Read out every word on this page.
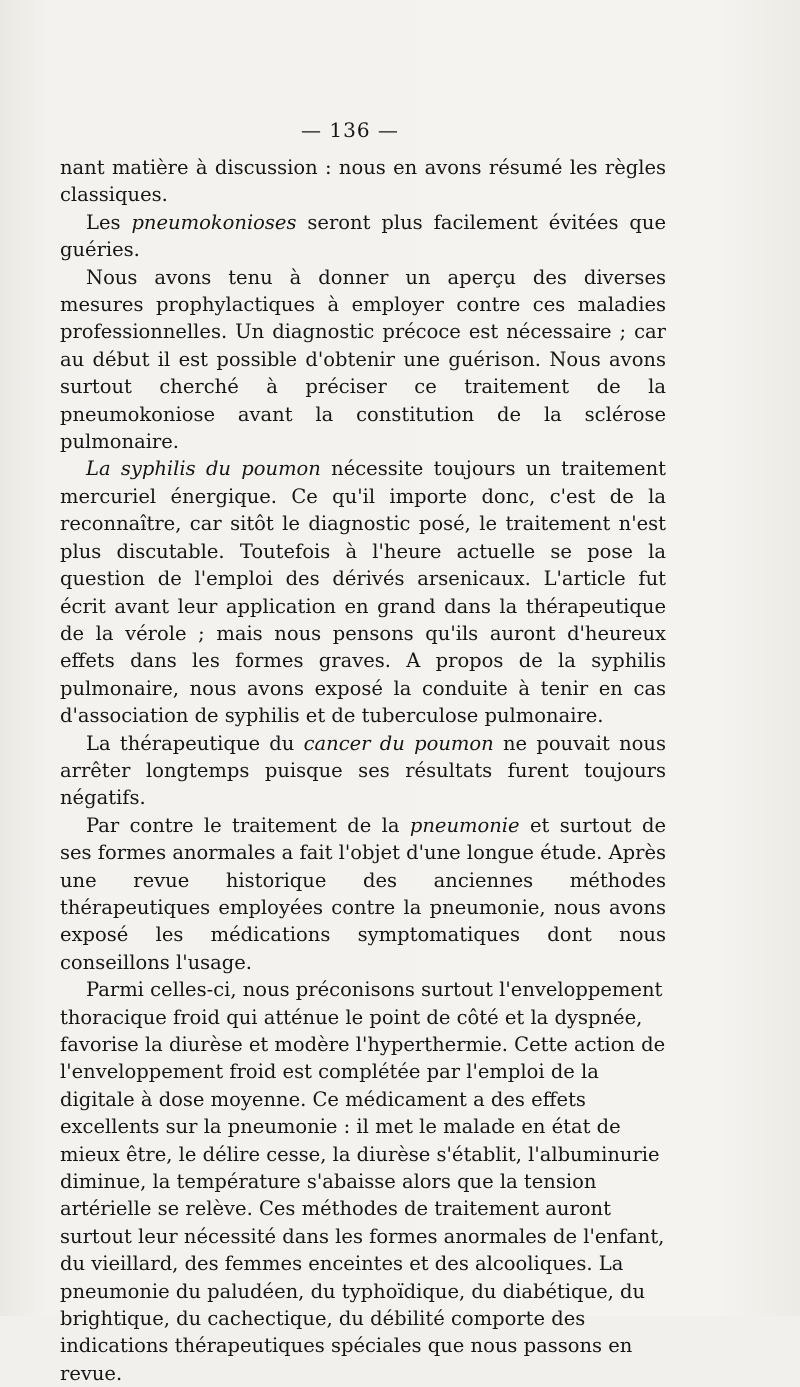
— 136 —

nant matière à discussion : nous en avons résumé les règles classiques.

Les pneumokonioses seront plus facilement évitées que guéries.

Nous avons tenu à donner un aperçu des diverses mesures prophylactiques à employer contre ces maladies professionnelles. Un diagnostic précoce est nécessaire ; car au début il est possible d'obtenir une guérison. Nous avons surtout cherché à préciser ce traitement de la pneumokoniose avant la constitution de la sclérose pulmonaire.

La syphilis du poumon nécessite toujours un traitement mercuriel énergique. Ce qu'il importe donc, c'est de la reconnaître, car sitôt le diagnostic posé, le traitement n'est plus discutable. Toutefois à l'heure actuelle se pose la question de l'emploi des dérivés arsenicaux. L'article fut écrit avant leur application en grand dans la thérapeutique de la vérole ; mais nous pensons qu'ils auront d'heureux effets dans les formes graves. A propos de la syphilis pulmonaire, nous avons exposé la conduite à tenir en cas d'association de syphilis et de tuberculose pulmonaire.

La thérapeutique du cancer du poumon ne pouvait nous arrêter longtemps puisque ses résultats furent toujours négatifs.

Par contre le traitement de la pneumonie et surtout de ses formes anormales a fait l'objet d'une longue étude. Après une revue historique des anciennes méthodes thérapeutiques employées contre la pneumonie, nous avons exposé les médications symptomatiques dont nous conseillons l'usage.

Parmi celles-ci, nous préconisons surtout l'enveloppement thoracique froid qui atténue le point de côté et la dyspnée, favorise la diurèse et modère l'hyperthermie. Cette action de l'enveloppement froid est complétée par l'emploi de la digitale à dose moyenne. Ce médicament a des effets excellents sur la pneumonie : il met le malade en état de mieux être, le délire cesse, la diurèse s'établit, l'albuminurie diminue, la température s'abaisse alors que la tension artérielle se relève. Ces méthodes de traitement auront surtout leur nécessité dans les formes anormales de l'enfant, du vieillard, des femmes enceintes et des alcooliques. La pneumonie du paludéen, du typhoïdique, du diabétique, du brightique, du cachectique, du débilité comporte des indications thérapeutiques spéciales que nous passons en revue.
